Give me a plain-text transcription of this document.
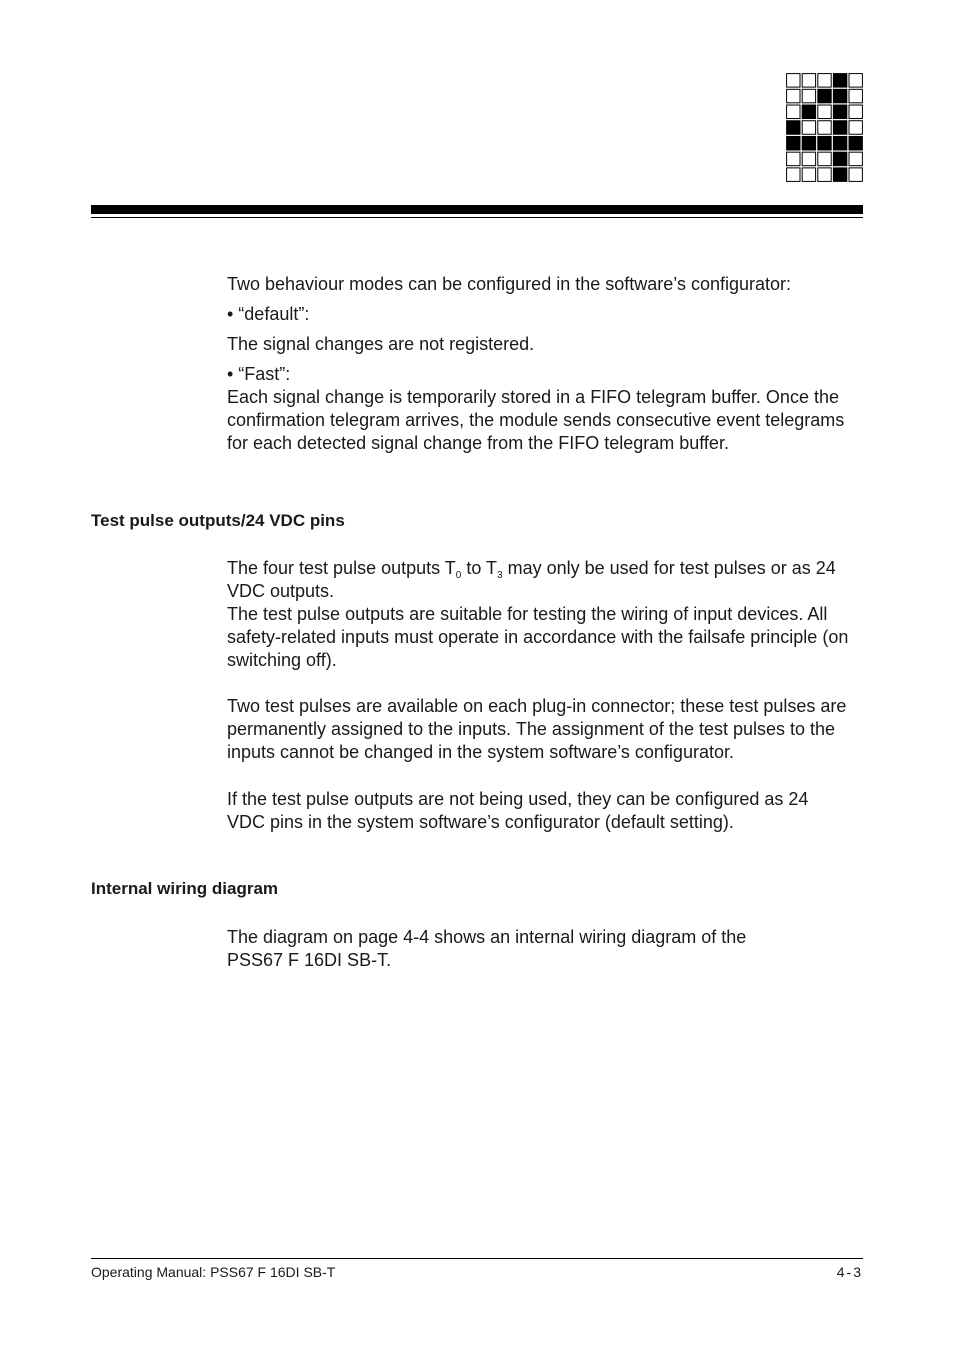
Two behaviour modes can be configured in the software’s configurator:

• “default”:

The signal changes are not registered.

• “Fast”:

Each signal change is temporarily stored in a FIFO telegram buffer. Once the confirmation telegram arrives, the module sends consecutive event telegrams for each detected signal change from the FIFO telegram buffer.

Test pulse outputs/24 VDC pins

The four test pulse outputs $T_0$ to $T_3$ may only be used for test pulses or as 24 VDC outputs.
The test pulse outputs are suitable for testing the wiring of input devices. All safety-related inputs must operate in accordance with the failsafe principle (on switching off).

Two test pulses are available on each plug-in connector; these test pulses are permanently assigned to the inputs. The assignment of the test pulses to the inputs cannot be changed in the system software’s configurator.

If the test pulse outputs are not being used, they can be configured as 24 VDC pins in the system software’s configurator (default setting).

Internal wiring diagram

The diagram on page 4-4 shows an internal wiring diagram of the PSS67 F 16DI SB-T.

Operating Manual: PSS67 F 16DI SB-T	4-3
